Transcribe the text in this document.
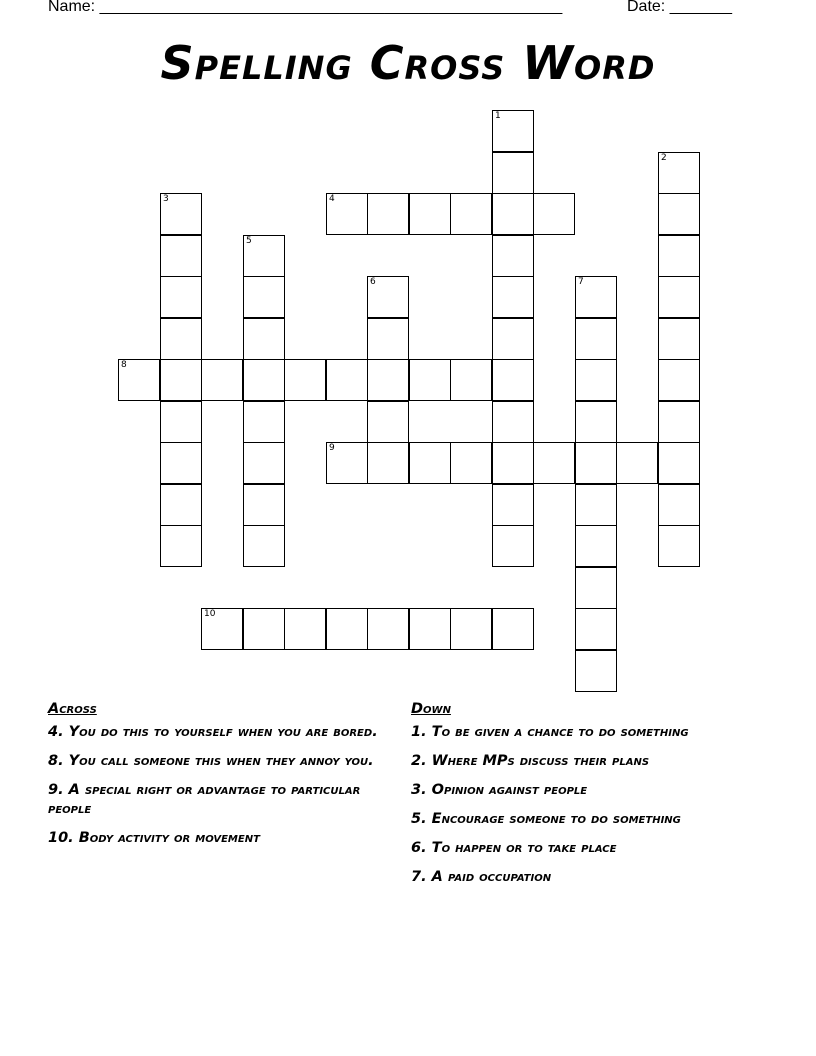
Name: ____________________________________________________	Date: _______
Spelling Cross Word
1
2
3	4
5
6	7
8
9
10
Across
4. You do this to yourself when you are bored.
8. You call someone this when they annoy you.
9. A special right or advantage to particular people
10. Body activity or movement
Down
1. To be given a chance to do something
2. Where MPs discuss their plans
3. Opinion against people
5. Encourage someone to do something
6. To happen or to take place
7. A paid occupation
